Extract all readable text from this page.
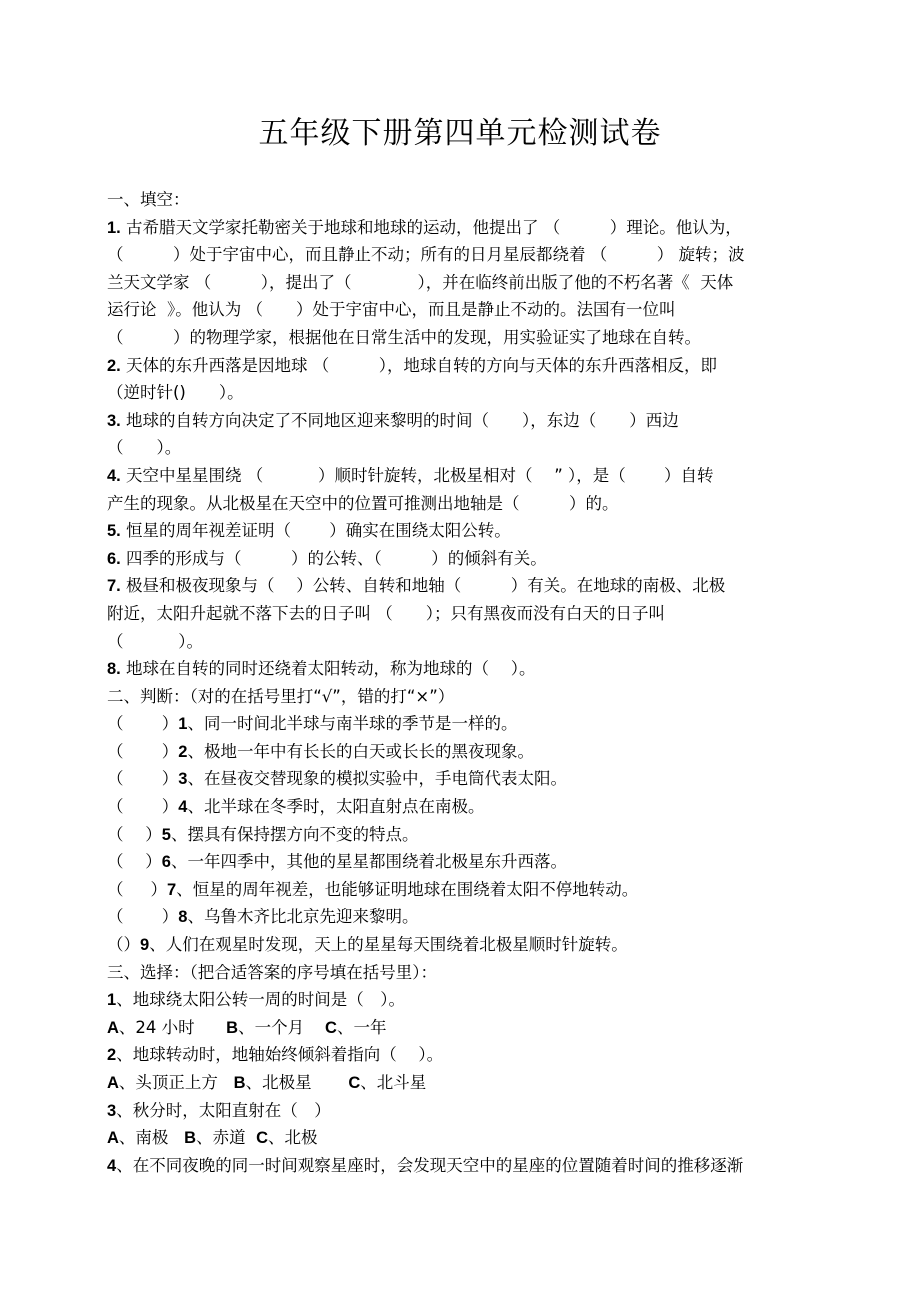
五年级下册第四单元检测试卷
一、填空：
1. 古希腊天文学家托勒密关于地球和地球的运动，他提出了 （　　　）理论。他认为，
（　　　）处于宇宙中心，而且静止不动；所有的日月星辰都绕着 （　　　） 旋转；波
兰天文学家 （　　　），提出了（　　　　），并在临终前出版了他的不朽名著《  天体
运行论  》。他认为 （　　）处于宇宙中心，而且是静止不动的。法国有一位叫
（　　　）的物理学家，根据他在日常生活中的发现，用实验证实了地球在自转。
2. 天体的东升西落是因地球 （　　　），地球自转的方向与天体的东升西落相反，即
（逆时针()　　）。
3. 地球的自转方向决定了不同地区迎来黎明的时间（　　），东边（　　）西边
（　　）。
4. 天空中星星围绕 （　　　 ）顺时针旋转，北极星相对（　 ” ），是（　　 ）自转
产生的现象。从北极星在天空中的位置可推测出地轴是（　　　）的。
5. 恒星的周年视差证明（　　 ）确实在围绕太阳公转。
6. 四季的形成与（　　　）的公转、（　　　）的倾斜有关。
7. 极昼和极夜现象与（　 ）公转、自转和地轴（　　　）有关。在地球的南极、北极
附近，太阳升起就不落下去的日子叫 （　　）；只有黑夜而没有白天的日子叫
（　　　 ）。
8. 地球在自转的同时还绕着太阳转动，称为地球的（　 ）。
二、判断：（对的在括号里打“√”，错的打“×”）
（　　 ）1、同一时间北半球与南半球的季节是一样的。
（　　 ）2、极地一年中有长长的白天或长长的黑夜现象。
（　　 ）3、在昼夜交替现象的模拟实验中，手电筒代表太阳。
（　　 ）4、北半球在冬季时，太阳直射点在南极。
（　 ）5、摆具有保持摆方向不变的特点。
（　 ）6、一年四季中，其他的星星都围绕着北极星东升西落。
（　  ）7、恒星的周年视差，也能够证明地球在围绕着太阳不停地转动。
（　　 ）8、乌鲁木齐比北京先迎来黎明。
（）9、人们在观星时发现，天上的星星每天围绕着北极星顺时针旋转。
三、选择：（把合适答案的序号填在括号里）：
1、地球绕太阳公转一周的时间是（　）。
A、24 小时      B、一个月    C、一年
2、地球转动时，地轴始终倾斜着指向（　 ）。
A、头顶正上方   B、北极星       C、北斗星
3、秋分时，太阳直射在（　）
A、南极   B、赤道  C、北极
4、在不同夜晚的同一时间观察星座时，会发现天空中的星座的位置随着时间的推移逐渐
